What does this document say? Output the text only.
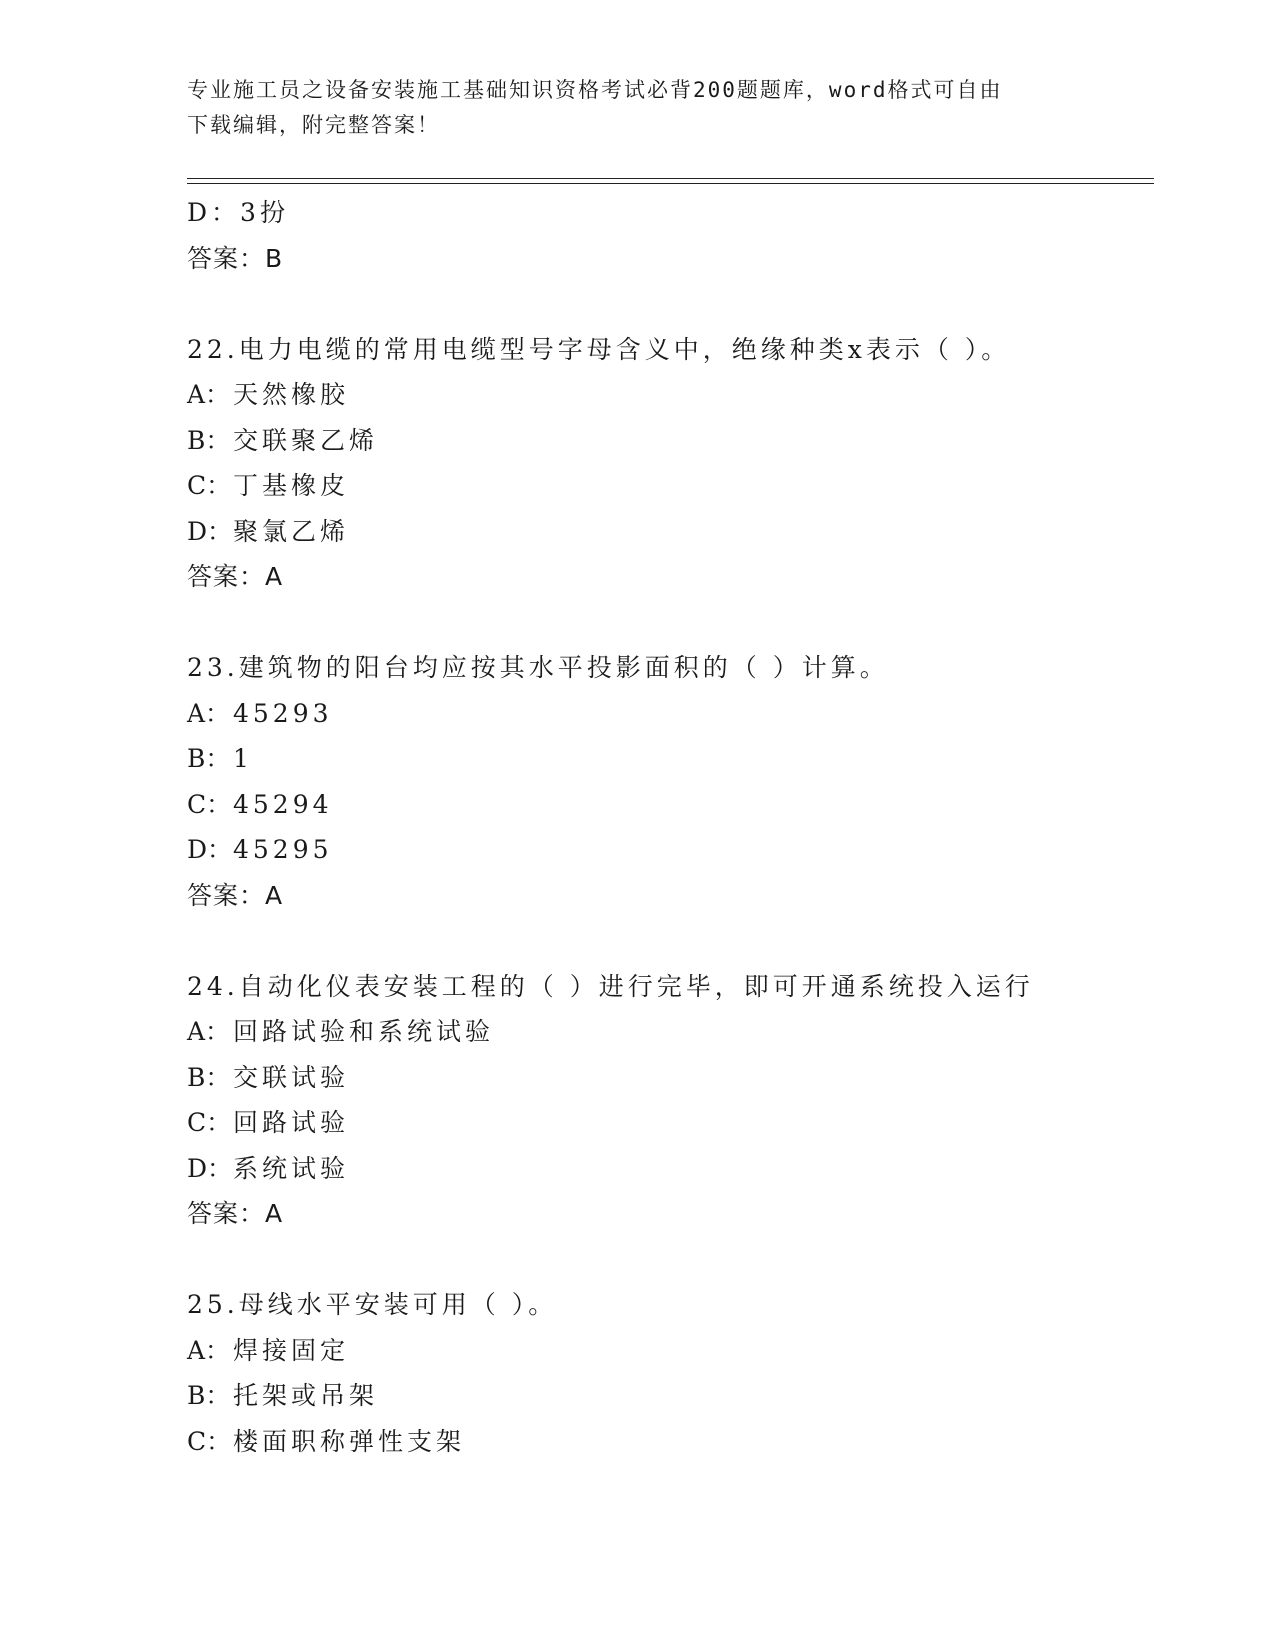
专业施工员之设备安装施工基础知识资格考试必背200题题库，word格式可自由
下载编辑，附完整答案！
D：3扮
答案：B
22.电力电缆的常用电缆型号字母含义中，绝缘种类x表示（ ）。
A： 天然橡胶
B： 交联聚乙烯
C：丁基橡皮
D：聚氯乙烯
答案：A
23.建筑物的阳台均应按其水平投影面积的（ ）计算。
A： 45293
B： 1
C：45294
D：45295
答案：A
24.自动化仪表安装工程的（ ）进行完毕，即可开通系统投入运行
A： 回路试验和系统试验
B： 交联试验
C：回路试验
D：系统试验
答案：A
25.母线水平安装可用（ ）。
A： 焊接固定
B： 托架或吊架
C：楼面职称弹性支架
